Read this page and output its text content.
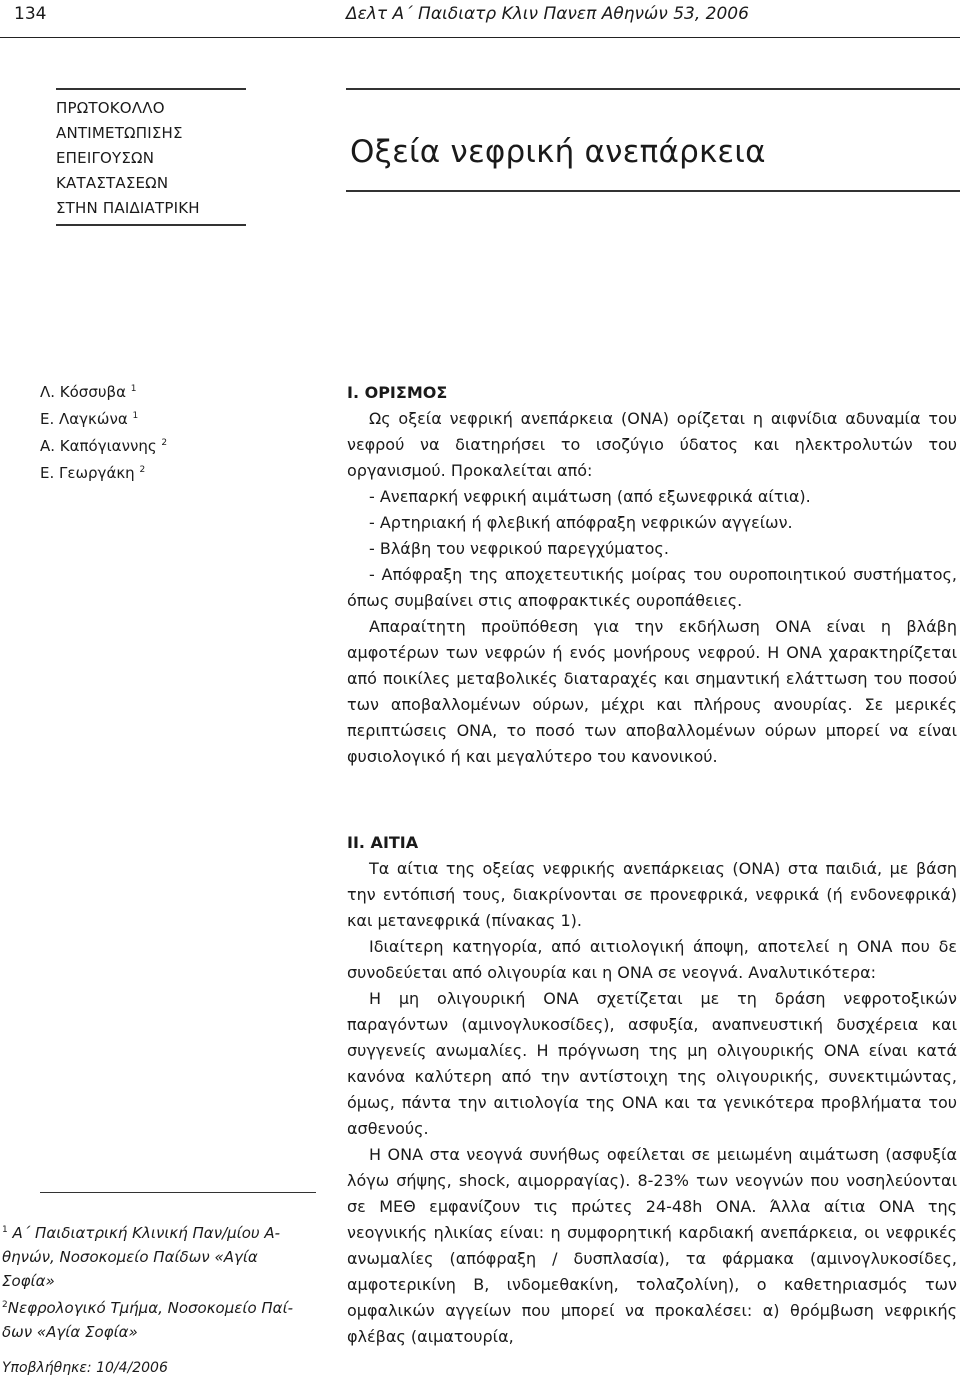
134	Δελτ Α΄ Παιδιατρ Κλιν Πανεπ Αθηνών 53, 2006
ΠΡΩΤΟΚΟΛΛΟ
ΑΝΤΙΜΕΤΩΠΙΣΗΣ
ΕΠΕΙΓΟΥΣΩΝ
ΚΑΤΑΣΤΑΣΕΩΝ
ΣΤΗΝ ΠΑΙΔΙΑΤΡΙΚΗ
Οξεία νεφρική ανεπάρκεια
Λ. Κόσσυβα $^1$
Ε. Λαγκώνα $^1$
Α. Καπόγιαννης $^2$
Ε. Γεωργάκη $^2$
$^1$ Α΄ Παιδιατρική Κλινική Παν/μίου Α-θηνών, Νοσοκομείο Παίδων «Αγία Σοφία»
$^2$Νεφρολογικό Τμήμα, Νοσοκομείο Παί-δων «Αγία Σοφία»
Υποβλήθηκε: 10/4/2006
Ι. ΟΡΙΣΜΟΣ
Ως οξεία νεφρική ανεπάρκεια (ΟΝΑ) ορίζεται η αιφνίδια αδυναμία του νεφρού να διατηρήσει το ισοζύγιο ύδατος και ηλεκτρολυτών του οργανισμού. Προκαλείται από:
- Ανεπαρκή νεφρική αιμάτωση (από εξωνεφρικά αίτια).
- Αρτηριακή ή φλεβική απόφραξη νεφρικών αγγείων.
- Βλάβη του νεφρικού παρεγχύματος.
- Απόφραξη της αποχετευτικής μοίρας του ουροποιητικού συστήματος, όπως συμβαίνει στις αποφρακτικές ουροπάθειες.
Απαραίτητη προϋπόθεση για την εκδήλωση ΟΝΑ είναι η βλάβη αμφοτέρων των νεφρών ή ενός μονήρους νεφρού. Η ΟΝΑ χαρακτηρίζεται από ποικίλες μεταβολικές διαταραχές και σημαντική ελάττωση του ποσού των αποβαλλομένων ούρων, μέχρι και πλήρους ανουρίας. Σε μερικές περιπτώσεις ΟΝΑ, το ποσό των αποβαλλομένων ούρων μπορεί να είναι φυσιολογικό ή και μεγαλύτερο του κανονικού.
ΙΙ. ΑΙΤΙΑ
Τα αίτια της οξείας νεφρικής ανεπάρκειας (ΟΝΑ) στα παιδιά, με βάση την εντόπισή τους, διακρίνονται σε προνεφρικά, νεφρικά (ή ενδονεφρικά) και μετανεφρικά (πίνακας 1).
Ιδιαίτερη κατηγορία, από αιτιολογική άποψη, αποτελεί η ΟΝΑ που δε συνοδεύεται από ολιγουρία και η ΟΝΑ σε νεογνά. Αναλυτικότερα:
Η μη ολιγουρική ΟΝΑ σχετίζεται με τη δράση νεφροτοξικών παραγόντων (αμινογλυκοσίδες), ασφυξία, αναπνευστική δυσχέρεια και συγγενείς ανωμαλίες. Η πρόγνωση της μη ολιγουρικής ΟΝΑ είναι κατά κανόνα καλύτερη από την αντίστοιχη της ολιγουρικής, συνεκτιμώντας, όμως, πάντα την αιτιολογία της ΟΝΑ και τα γενικότερα προβλήματα του ασθενούς.
Η ΟΝΑ στα νεογνά συνήθως οφείλεται σε μειωμένη αιμάτωση (ασφυξία λόγω σήψης, shock, αιμορραγίας). 8-23% των νεογνών που νοσηλεύονται σε ΜΕΘ εμφανίζουν τις πρώτες 24-48h ΟΝΑ. Άλλα αίτια ΟΝΑ της νεογνικής ηλικίας είναι: η συμφορητική καρδιακή ανεπάρκεια, οι νεφρικές ανωμαλίες (απόφραξη / δυσπλασία), τα φάρμακα (αμινογλυκοσίδες, αμφοτερικίνη Β, ινδομεθακίνη, τολαζολίνη), ο καθετηριασμός των ομφαλικών αγγείων που μπορεί να προκαλέσει: α) θρόμβωση νεφρικής φλέβας (αιματουρία,
